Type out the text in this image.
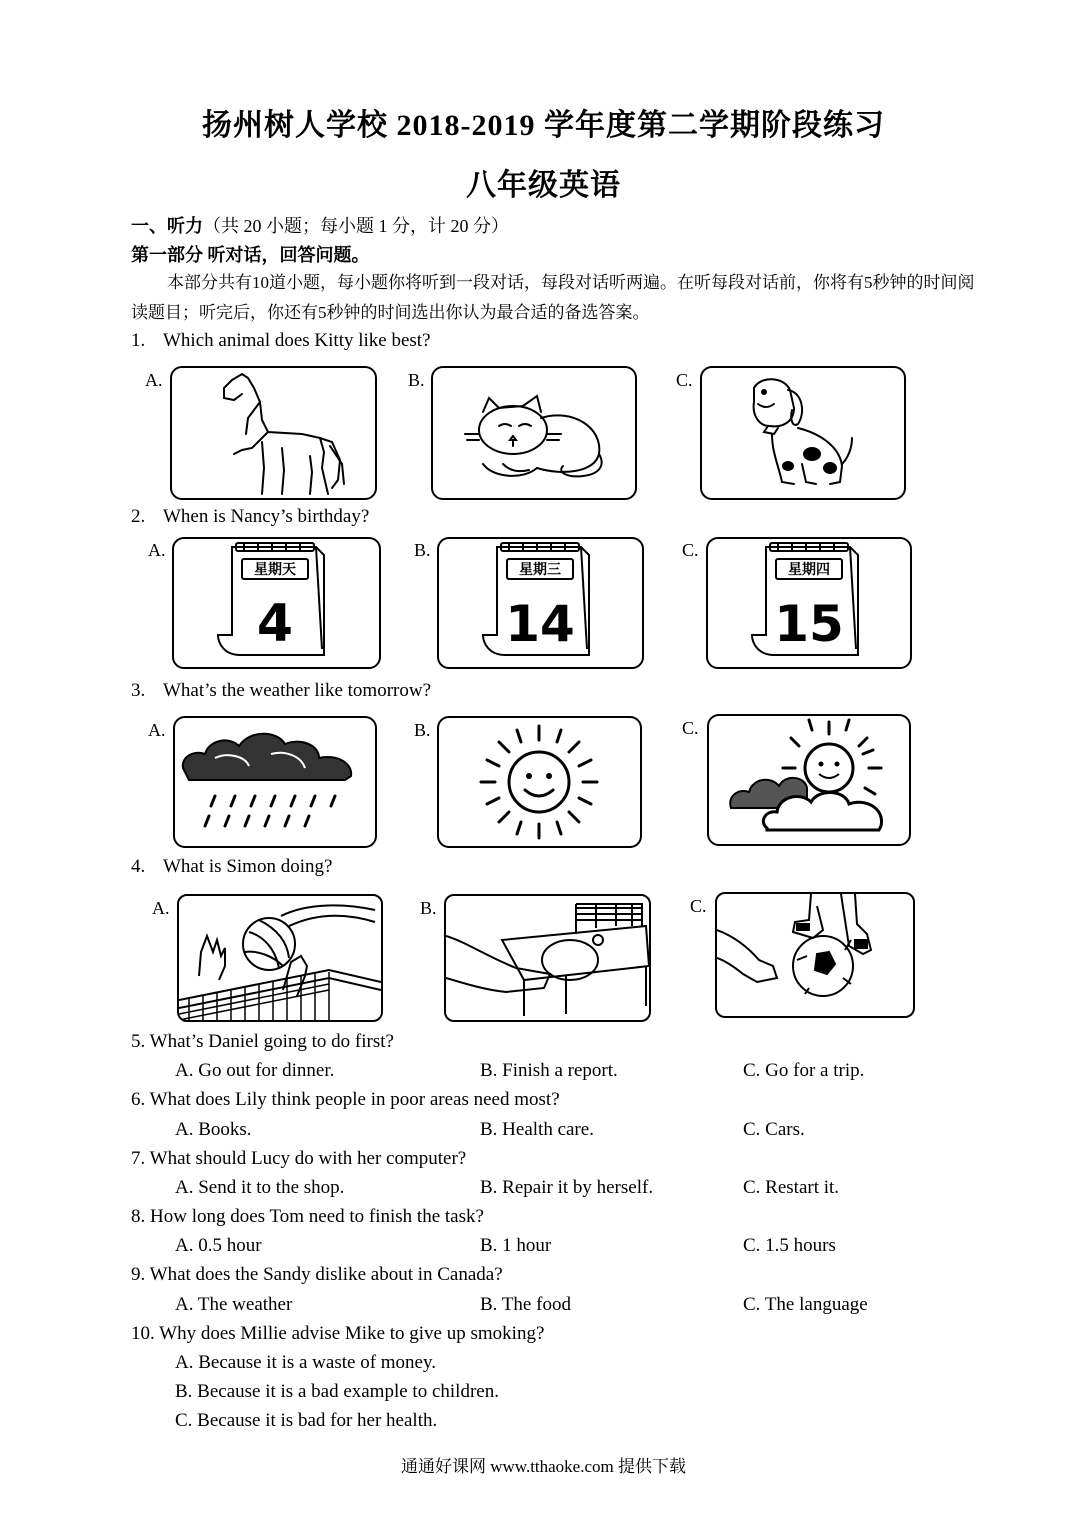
扬州树人学校 2018-2019 学年度第二学期阶段练习
八年级英语
一、听力（共 20 小题；每小题 1 分，计 20 分）
第一部分 听对话，回答问题。
本部分共有10道小题，每小题你将听到一段对话，每段对话听两遍。在听每段对话前，你将有5秒钟的时间阅读题目；听完后，你还有5秒钟的时间选出你认为最合适的备选答案。
1. Which animal does Kitty like best?
A.	B.	C.
2. When is Nancy’s birthday?
A.
星期天
4
B.
星期三
14
C.
星期四
15
3. What’s the weather like tomorrow?
A.	B.	C.
4. What is Simon doing?
A.	B.	C.
5. What’s Daniel going to do first?
A. Go out for dinner.	B. Finish a report.	C. Go for a trip.
6. What does Lily think people in poor areas need most?
A. Books.	B. Health care.	C. Cars.
7. What should Lucy do with her computer?
A. Send it to the shop.	B. Repair it by herself.	C. Restart it.
8. How long does Tom need to finish the task?
A. 0.5 hour	B. 1 hour	C. 1.5 hours
9. What does the Sandy dislike about in Canada?
A. The weather	B. The food	C. The language
10. Why does Millie advise Mike to give up smoking?
A. Because it is a waste of money.
B. Because it is a bad example to children.
C. Because it is bad for her health.
通通好课网 www.tthaoke.com 提供下载
